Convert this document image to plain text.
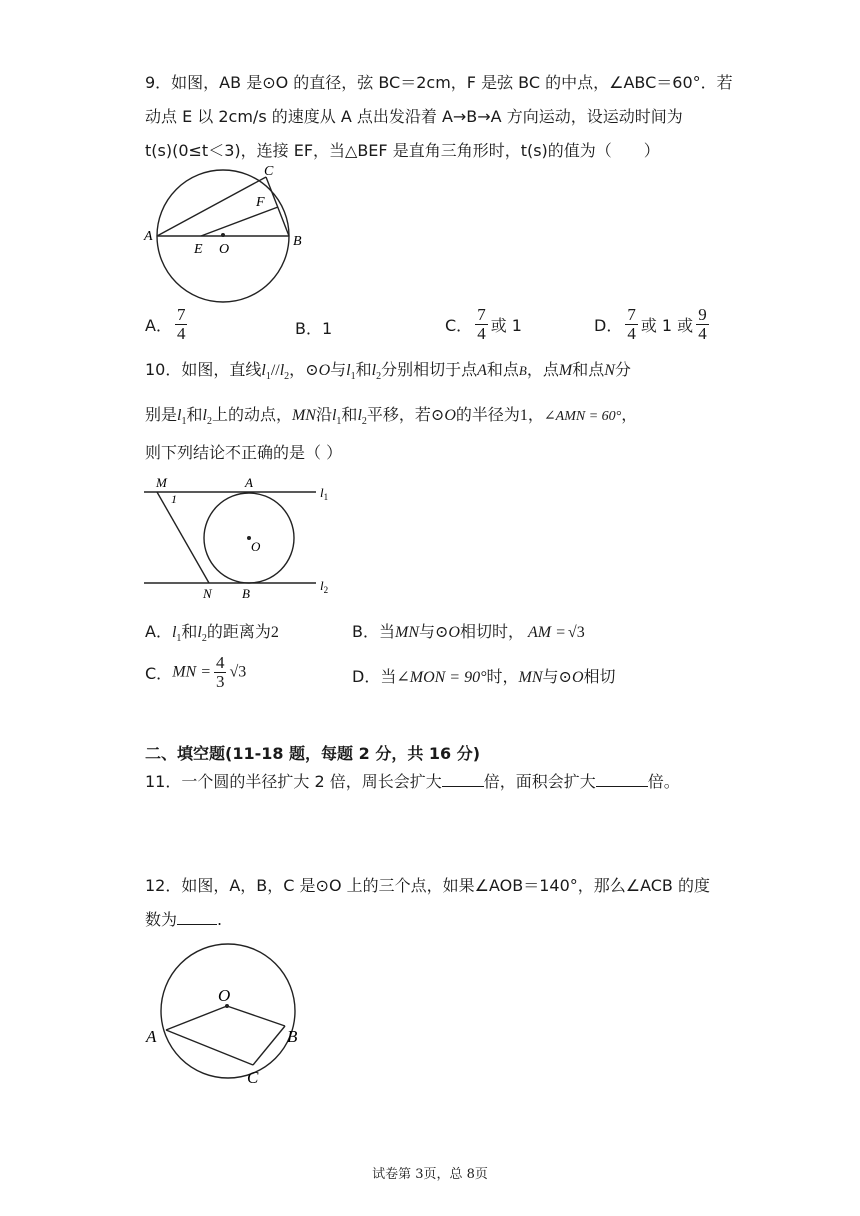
9．如图，AB 是⊙O 的直径，弦 BC＝2cm，F 是弦 BC 的中点，∠ABC＝60°．若
动点 E 以 2cm/s 的速度从 A 点出发沿着 A→B→A 方向运动，设运动时间为
t(s)(0≤t＜3)，连接 EF，当△BEF 是直角三角形时，t(s)的值为（　　）
A	B
C
F
E O
A． $\frac{7}{4}$	B．1	C． $\frac{7}{4}$ 或 1	D． $\frac{7}{4}$ 或 1 或 $\frac{9}{4}$
10．如图，直线$l_1//l_2$，⊙O与$l_1$和$l_2$分别相切于点A和点B，点M和点N分
别是$l_1$和$l_2$上的动点，MN沿$l_1$和$l_2$平移，若⊙O的半径为1，∠AMN = 60°，
则下列结论不正确的是（ ）
M
1
A
$l_1$
O
N B
$l_2$
A．$l_1$和$l_2$的距离为2	B．当MN与⊙O相切时， AM = √3
C．MN = $\frac{4}{3} √3$	D．当∠MON = 90°时，MN与⊙O相切
二、填空题(11-18 题，每题 2 分，共 16 分)
11．一个圆的半径扩大 2 倍，周长会扩大	倍，面积会扩大	倍。
12．如图，A，B，C 是⊙O 上的三个点，如果∠AOB＝140°，那么∠ACB 的度
数为	.
O
A	B
C
试卷第 3页，总 8页
